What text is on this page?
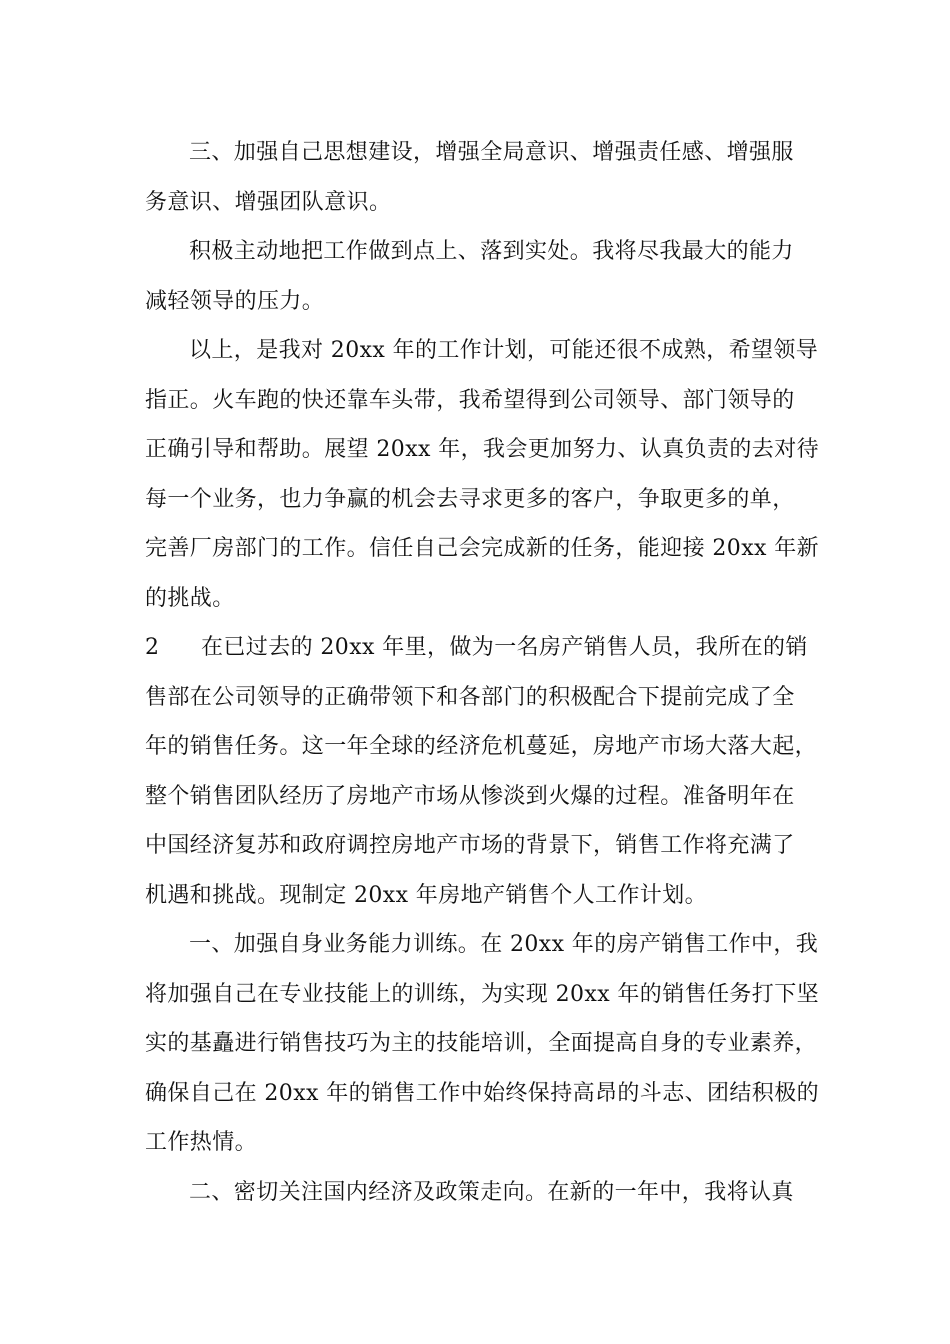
三、加强自己思想建设，增强全局意识、增强责任感、增强服
务意识、增强团队意识。
积极主动地把工作做到点上、落到实处。我将尽我最大的能力
减轻领导的压力。
以上，是我对 20xx 年的工作计划，可能还很不成熟，希望领导
指正。火车跑的快还靠车头带，我希望得到公司领导、部门领导的
正确引导和帮助。展望 20xx 年，我会更加努力、认真负责的去对待
每一个业务，也力争赢的机会去寻求更多的客户，争取更多的单，
完善厂房部门的工作。信任自己会完成新的任务，能迎接 20xx 年新
的挑战。
2	在已过去的 20xx 年里，做为一名房产销售人员，我所在的销
售部在公司领导的正确带领下和各部门的积极配合下提前完成了全
年的销售任务。这一年全球的经济危机蔓延，房地产市场大落大起，
整个销售团队经历了房地产市场从惨淡到火爆的过程。准备明年在
中国经济复苏和政府调控房地产市场的背景下，销售工作将充满了
机遇和挑战。现制定 20xx 年房地产销售个人工作计划。
一、加强自身业务能力训练。在 20xx 年的房产销售工作中，我
将加强自己在专业技能上的训练，为实现 20xx 年的销售任务打下坚
实的基矗进行销售技巧为主的技能培训，全面提高自身的专业素养，
确保自己在 20xx 年的销售工作中始终保持高昂的斗志、团结积极的
工作热情。
二、密切关注国内经济及政策走向。在新的一年中，我将认真
